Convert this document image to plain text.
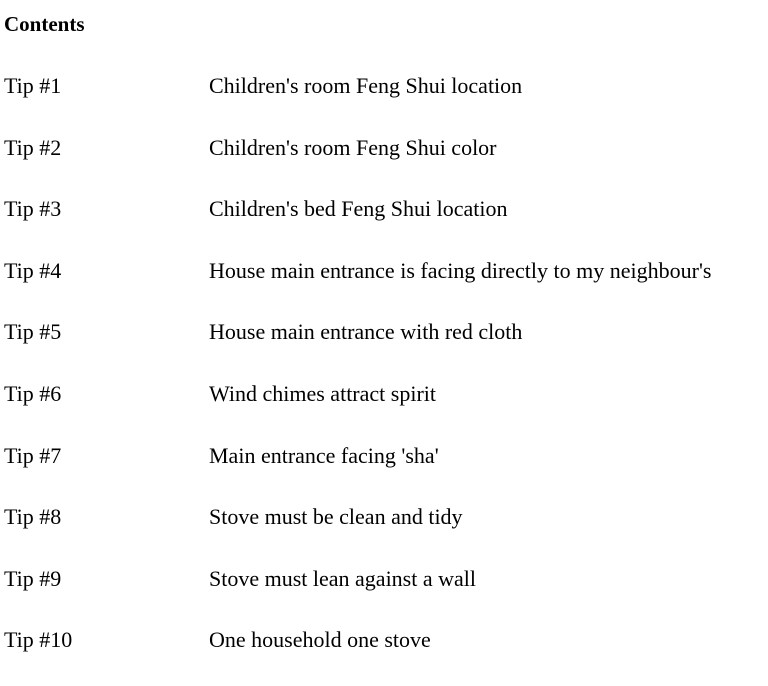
Contents
Tip #1	Children's room Feng Shui location
Tip #2	Children's room Feng Shui color
Tip #3	Children's bed Feng Shui location
Tip #4	House main entrance is facing directly to my neighbour's
Tip #5	House main entrance with red cloth
Tip #6	Wind chimes attract spirit
Tip #7	Main entrance facing 'sha'
Tip #8	Stove must be clean and tidy
Tip #9	Stove must lean against a wall
Tip #10	One household one stove
